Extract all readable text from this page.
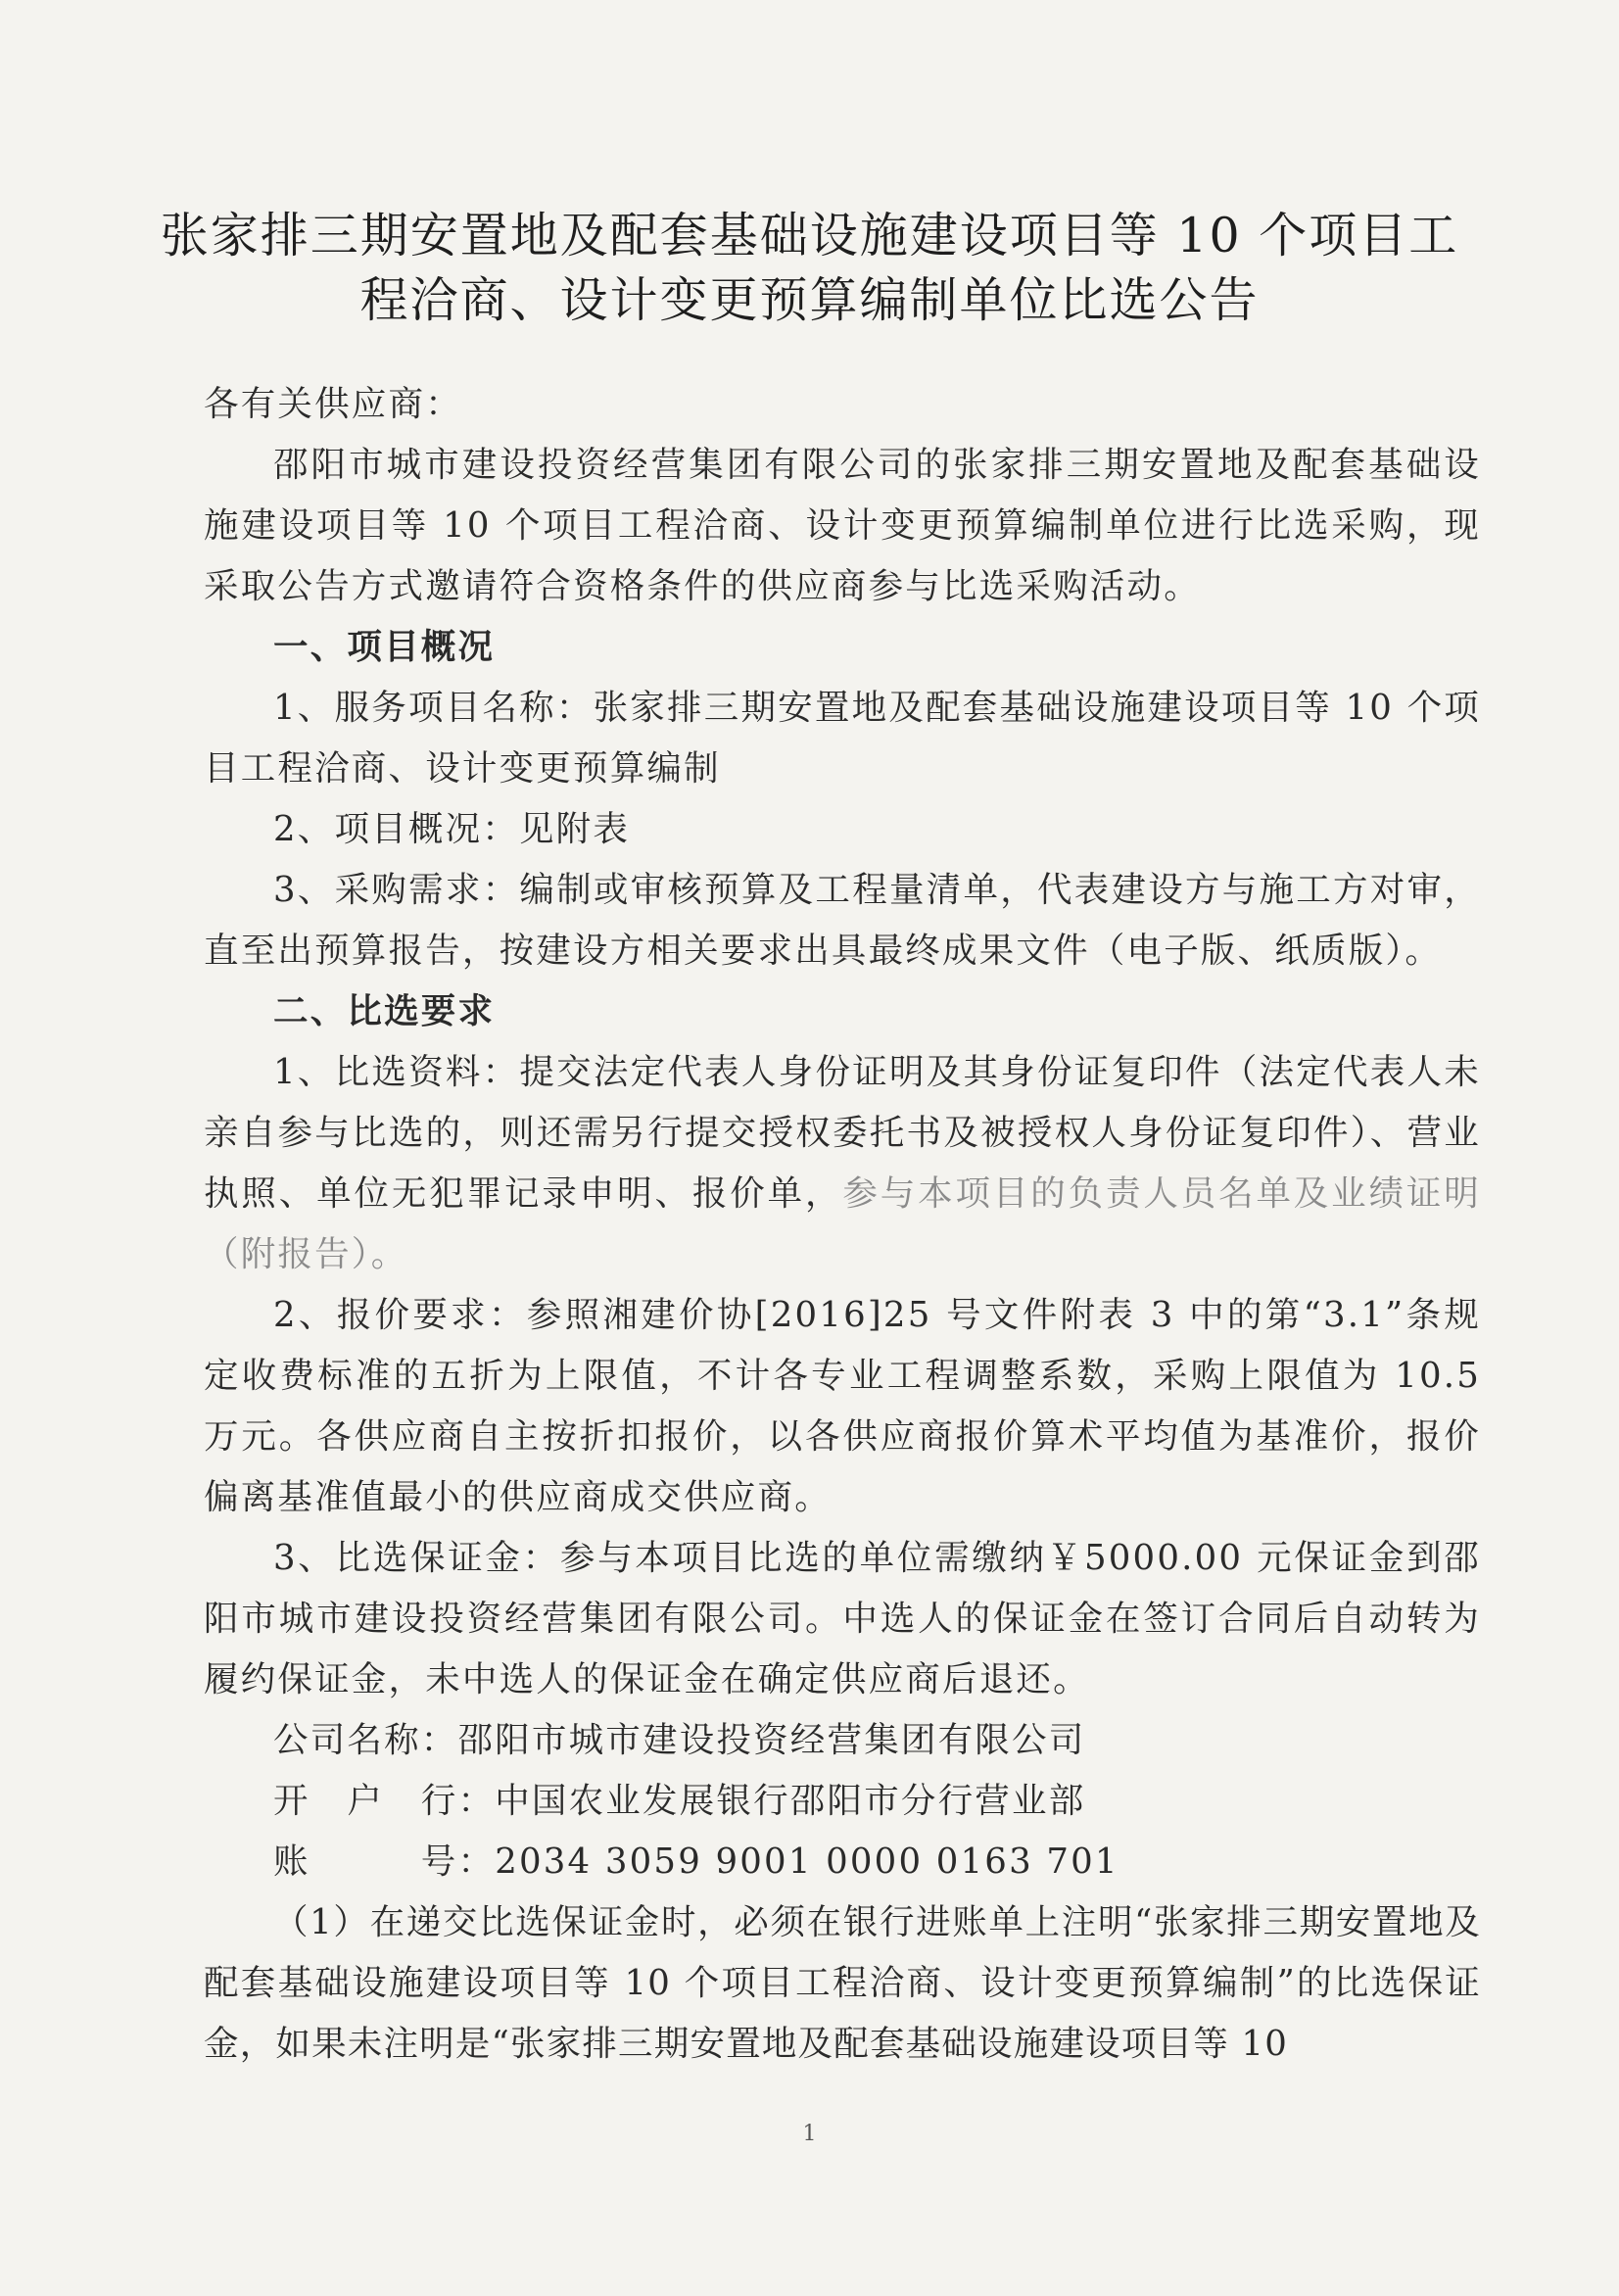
张家排三期安置地及配套基础设施建设项目等 10 个项目工
程洽商、设计变更预算编制单位比选公告

各有关供应商：

邵阳市城市建设投资经营集团有限公司的张家排三期安置地及配套基础设施建设项目等 10 个项目工程洽商、设计变更预算编制单位进行比选采购，现采取公告方式邀请符合资格条件的供应商参与比选采购活动。

一、项目概况

1、服务项目名称：张家排三期安置地及配套基础设施建设项目等 10 个项目工程洽商、设计变更预算编制

2、项目概况：见附表

3、采购需求：编制或审核预算及工程量清单，代表建设方与施工方对审，直至出预算报告，按建设方相关要求出具最终成果文件（电子版、纸质版）。

二、比选要求

1、比选资料：提交法定代表人身份证明及其身份证复印件（法定代表人未亲自参与比选的，则还需另行提交授权委托书及被授权人身份证复印件）、营业执照、单位无犯罪记录申明、报价单，参与本项目的负责人员名单及业绩证明（附报告）。

2、报价要求：参照湘建价协[2016]25 号文件附表 3 中的第“3.1”条规定收费标准的五折为上限值，不计各专业工程调整系数，采购上限值为 10.5 万元。各供应商自主按折扣报价，以各供应商报价算术平均值为基准价，报价偏离基准值最小的供应商成交供应商。

3、比选保证金：参与本项目比选的单位需缴纳￥5000.00 元保证金到邵阳市城市建设投资经营集团有限公司。中选人的保证金在签订合同后自动转为履约保证金，未中选人的保证金在确定供应商后退还。

公司名称：邵阳市城市建设投资经营集团有限公司

开　户　行：中国农业发展银行邵阳市分行营业部

账　　　号：2034 3059 9001 0000 0163 701

（1）在递交比选保证金时，必须在银行进账单上注明“张家排三期安置地及配套基础设施建设项目等 10 个项目工程洽商、设计变更预算编制”的比选保证金，如果未注明是“张家排三期安置地及配套基础设施建设项目等 10

1
